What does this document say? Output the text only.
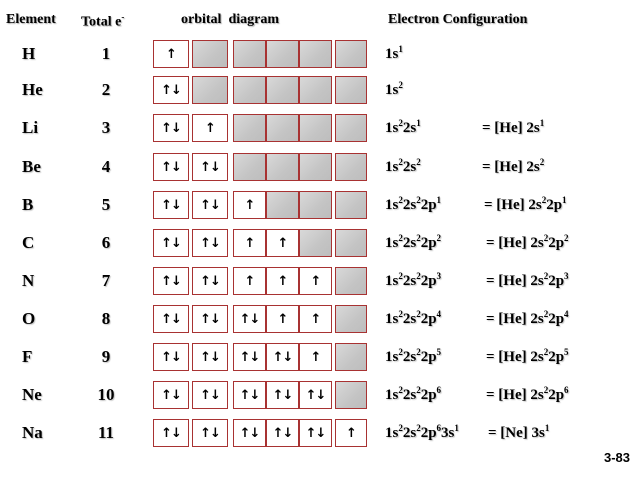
Element Total e-	orbital  diagram	Electron Configuration
H	1	↑	$1s^1$
He	2	↑↓	$1s^2$
Li	3	↑↓	↑	$1s^22s^1$	= [He] $2s^1$
Be	4	↑↓	↑↓	$1s^22s^2$	= [He] $2s^2$
B	5	↑↓	↑↓	↑	$1s^22s^22p^1$	= [He] $2s^22p^1$
C	6	↑↓	↑↓	↑	↑	$1s^22s^22p^2$	= [He] $2s^22p^2$
N	7	↑↓	↑↓	↑	↑	↑	$1s^22s^22p^3$	= [He] $2s^22p^3$
O	8	↑↓	↑↓	↑↓	↑	↑	$1s^22s^22p^4$	= [He] $2s^22p^4$
F	9	↑↓	↑↓	↑↓	↑↓	↑	$1s^22s^22p^5$	= [He] $2s^22p^5$
Ne	10	↑↓	↑↓	↑↓	↑↓	↑↓	$1s^22s^22p^6$	= [He] $2s^22p^6$
Na	11	↑↓	↑↓	↑↓	↑↓	↑↓	↑	$1s^22s^22p^63s^1 = [Ne]$ $3s^1$
3-83
